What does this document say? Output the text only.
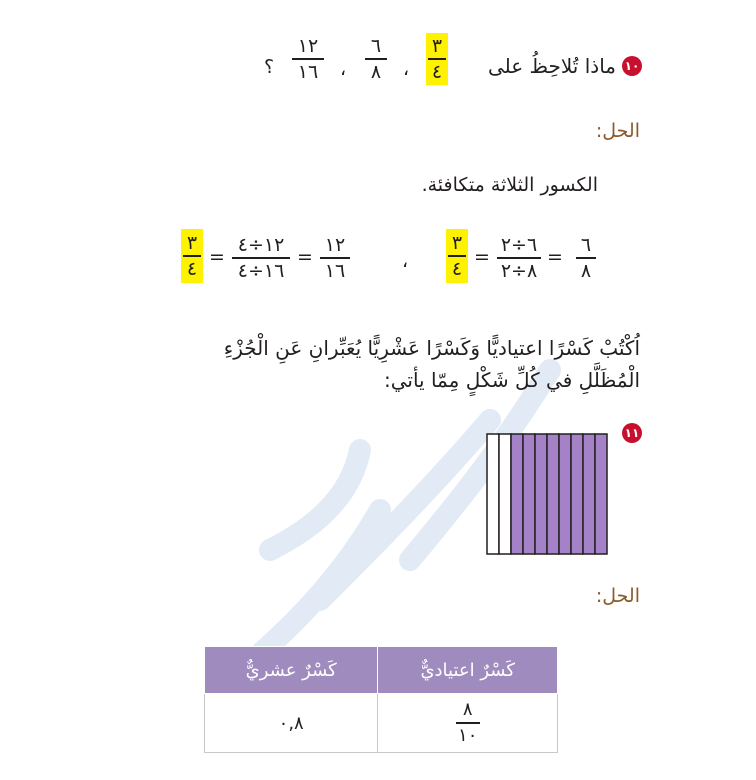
١٠
ماذا تُلاحِظُ على
٣
٤
،
٦
٨
،
١٢
١٦
؟
الحل:
الكسور الثلاثة متكافئة.
٦
٨
=
٦÷٢
٨÷٢
=
٣
٤
،
١٢
١٦
=
١٢÷٤
١٦÷٤
=
٣
٤
اُكْتُبْ كَسْرًا اعتياديًّا وَكَسْرًا عَشْرِيًّا يُعَبِّرانِ عَنِ الْجُزْءِ
الْمُظَلَّلِ في كُلِّ شَكْلٍ مِمّا يأتي:
١١
الحل:
كَسْرٌ اعتياديٌّ	كَسْرٌ عشريٌّ

٨
١٠	٠,٨
